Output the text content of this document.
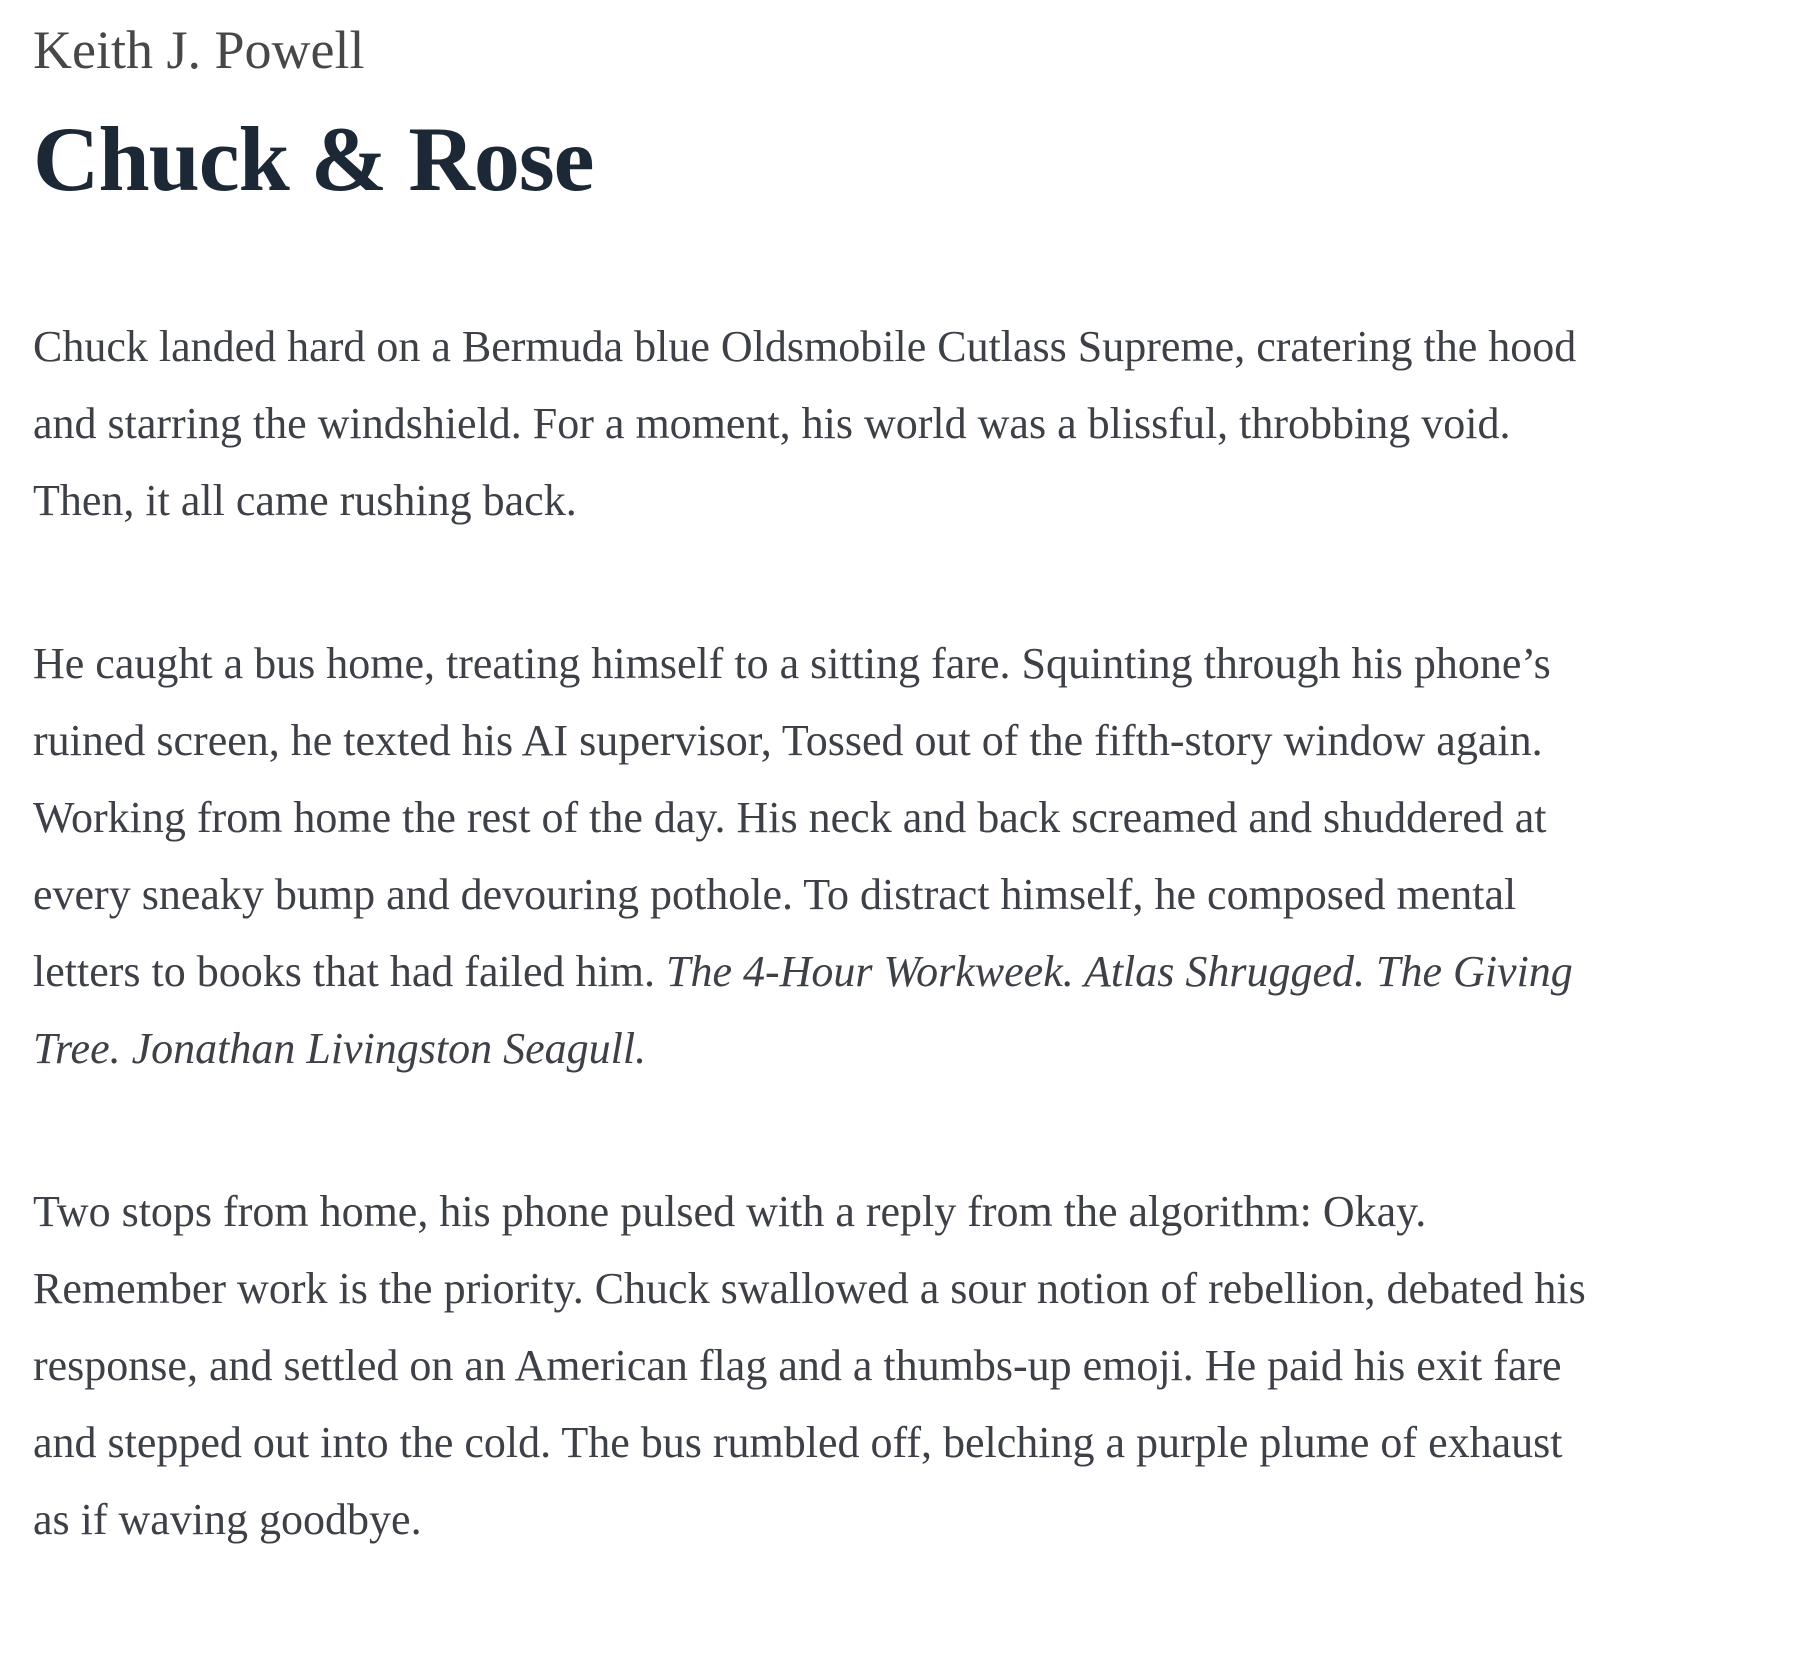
Keith J. Powell
Chuck & Rose

Chuck landed hard on a Bermuda blue Oldsmobile Cutlass Supreme, cratering the hood and starring the windshield. For a moment, his world was a blissful, throbbing void. Then, it all came rushing back.

He caught a bus home, treating himself to a sitting fare. Squinting through his phone’s ruined screen, he texted his AI supervisor, Tossed out of the fifth-story window again. Working from home the rest of the day. His neck and back screamed and shuddered at every sneaky bump and devouring pothole. To distract himself, he composed mental letters to books that had failed him. The 4-Hour Workweek. Atlas Shrugged. The Giving Tree. Jonathan Livingston Seagull.

Two stops from home, his phone pulsed with a reply from the algorithm: Okay. Remember work is the priority. Chuck swallowed a sour notion of rebellion, debated his response, and settled on an American flag and a thumbs-up emoji. He paid his exit fare and stepped out into the cold. The bus rumbled off, belching a purple plume of exhaust as if waving goodbye.
